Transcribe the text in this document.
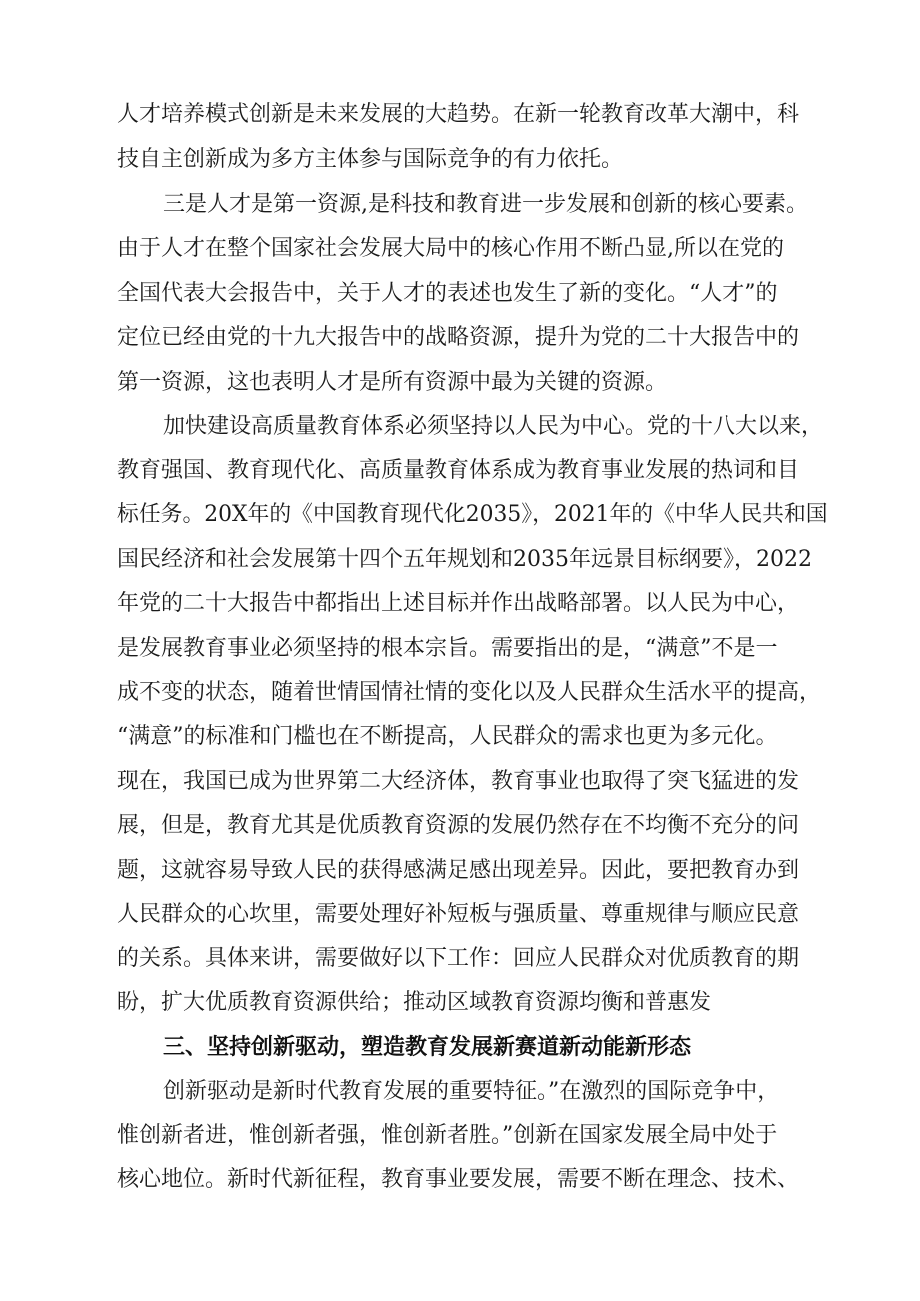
人才培养模式创新是未来发展的大趋势。在新一轮教育改革大潮中，科
技自主创新成为多方主体参与国际竞争的有力依托。
三是人才是第一资源,是科技和教育进一步发展和创新的核心要素。
由于人才在整个国家社会发展大局中的核心作用不断凸显,所以在党的
全国代表大会报告中，关于人才的表述也发生了新的变化。“人才”的
定位已经由党的十九大报告中的战略资源，提升为党的二十大报告中的
第一资源，这也表明人才是所有资源中最为关键的资源。
加快建设高质量教育体系必须坚持以人民为中心。党的十八大以来，
教育强国、教育现代化、高质量教育体系成为教育事业发展的热词和目
标任务。20X年的《中国教育现代化2035》，2021年的《中华人民共和国
国民经济和社会发展第十四个五年规划和2035年远景目标纲要》，2022
年党的二十大报告中都指出上述目标并作出战略部署。以人民为中心，
是发展教育事业必须坚持的根本宗旨。需要指出的是，“满意”不是一
成不变的状态，随着世情国情社情的变化以及人民群众生活水平的提高，
“满意”的标准和门槛也在不断提高，人民群众的需求也更为多元化。
现在，我国已成为世界第二大经济体，教育事业也取得了突飞猛进的发
展，但是，教育尤其是优质教育资源的发展仍然存在不均衡不充分的问
题，这就容易导致人民的获得感满足感出现差异。因此，要把教育办到
人民群众的心坎里，需要处理好补短板与强质量、尊重规律与顺应民意
的关系。具体来讲，需要做好以下工作：回应人民群众对优质教育的期
盼，扩大优质教育资源供给；推动区域教育资源均衡和普惠发
三、坚持创新驱动，塑造教育发展新赛道新动能新形态
创新驱动是新时代教育发展的重要特征。”在激烈的国际竞争中，
惟创新者进，惟创新者强，惟创新者胜。”创新在国家发展全局中处于
核心地位。新时代新征程，教育事业要发展，需要不断在理念、技术、
